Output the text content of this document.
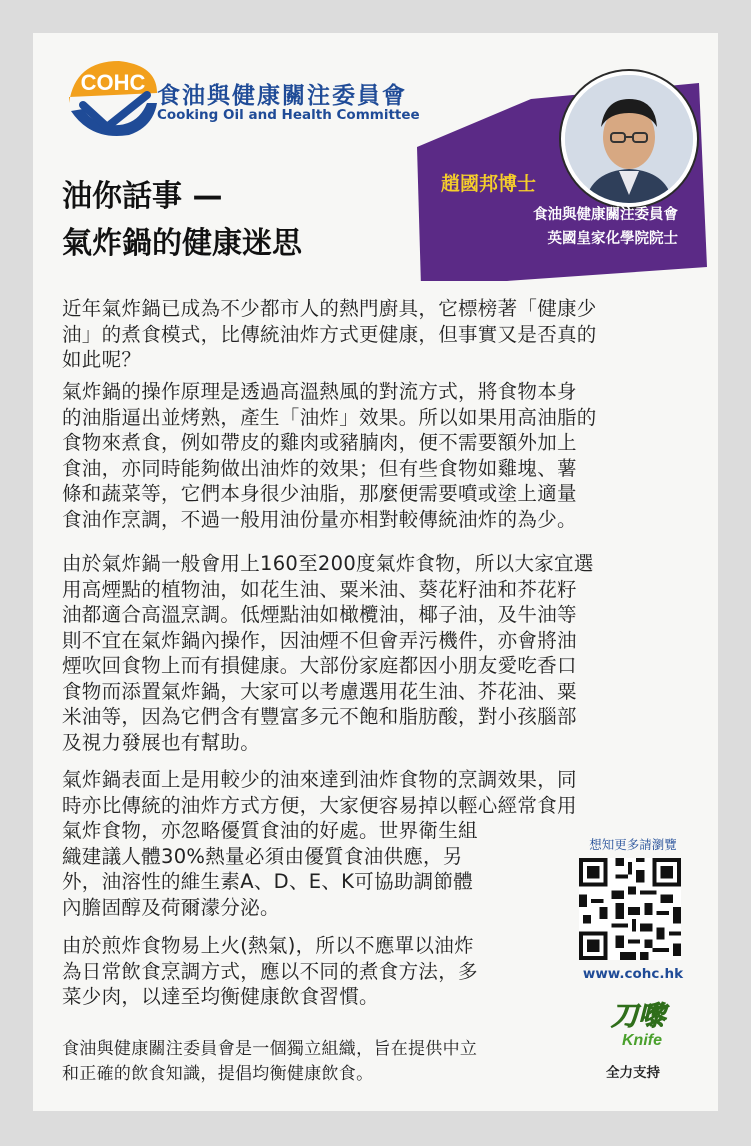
COHC
食油與健康關注委員會
Cooking Oil and Health Committee
油你話事 —
氣炸鍋的健康迷思
趙國邦博士
食油與健康關注委員會
英國皇家化學院院士
近年氣炸鍋已成為不少都市人的熱門廚具，它標榜著「健康少
油」的煮食模式，比傳統油炸方式更健康，但事實又是否真的
如此呢？
氣炸鍋的操作原理是透過高溫熱風的對流方式，將食物本身
的油脂逼出並烤熟，產生「油炸」效果。所以如果用高油脂的
食物來煮食，例如帶皮的雞肉或豬腩肉，便不需要額外加上
食油，亦同時能夠做出油炸的效果；但有些食物如雞塊、薯
條和蔬菜等，它們本身很少油脂，那麼便需要噴或塗上適量
食油作烹調，不過一般用油份量亦相對較傳統油炸的為少。
由於氣炸鍋一般會用上160至200度氣炸食物，所以大家宜選
用高煙點的植物油，如花生油、粟米油、葵花籽油和芥花籽
油都適合高溫烹調。低煙點油如橄欖油，椰子油，及牛油等
則不宜在氣炸鍋內操作，因油煙不但會弄污機件，亦會將油
煙吹回食物上而有損健康。大部份家庭都因小朋友愛吃香口
食物而添置氣炸鍋，大家可以考慮選用花生油、芥花油、粟
米油等，因為它們含有豐富多元不飽和脂肪酸，對小孩腦部
及視力發展也有幫助。
氣炸鍋表面上是用較少的油來達到油炸食物的烹調效果，同
時亦比傳統的油炸方式方便，大家便容易掉以輕心經常食用
氣炸食物，亦忽略優質食油的好處。世界衛生組
織建議人體30%熱量必須由優質食油供應，另
外，油溶性的維生素A、D、E、K可協助調節體
內膽固醇及荷爾濛分泌。
由於煎炸食物易上火(熱氣)，所以不應單以油炸
為日常飲食烹調方式，應以不同的煮食方法，多
菜少肉，以達至均衡健康飲食習慣。
食油與健康關注委員會是一個獨立組織，旨在提供中立
和正確的飲食知識，提倡均衡健康飲食。
想知更多請瀏覽
www.cohc.hk
刀嚟
Knife
全力支持
